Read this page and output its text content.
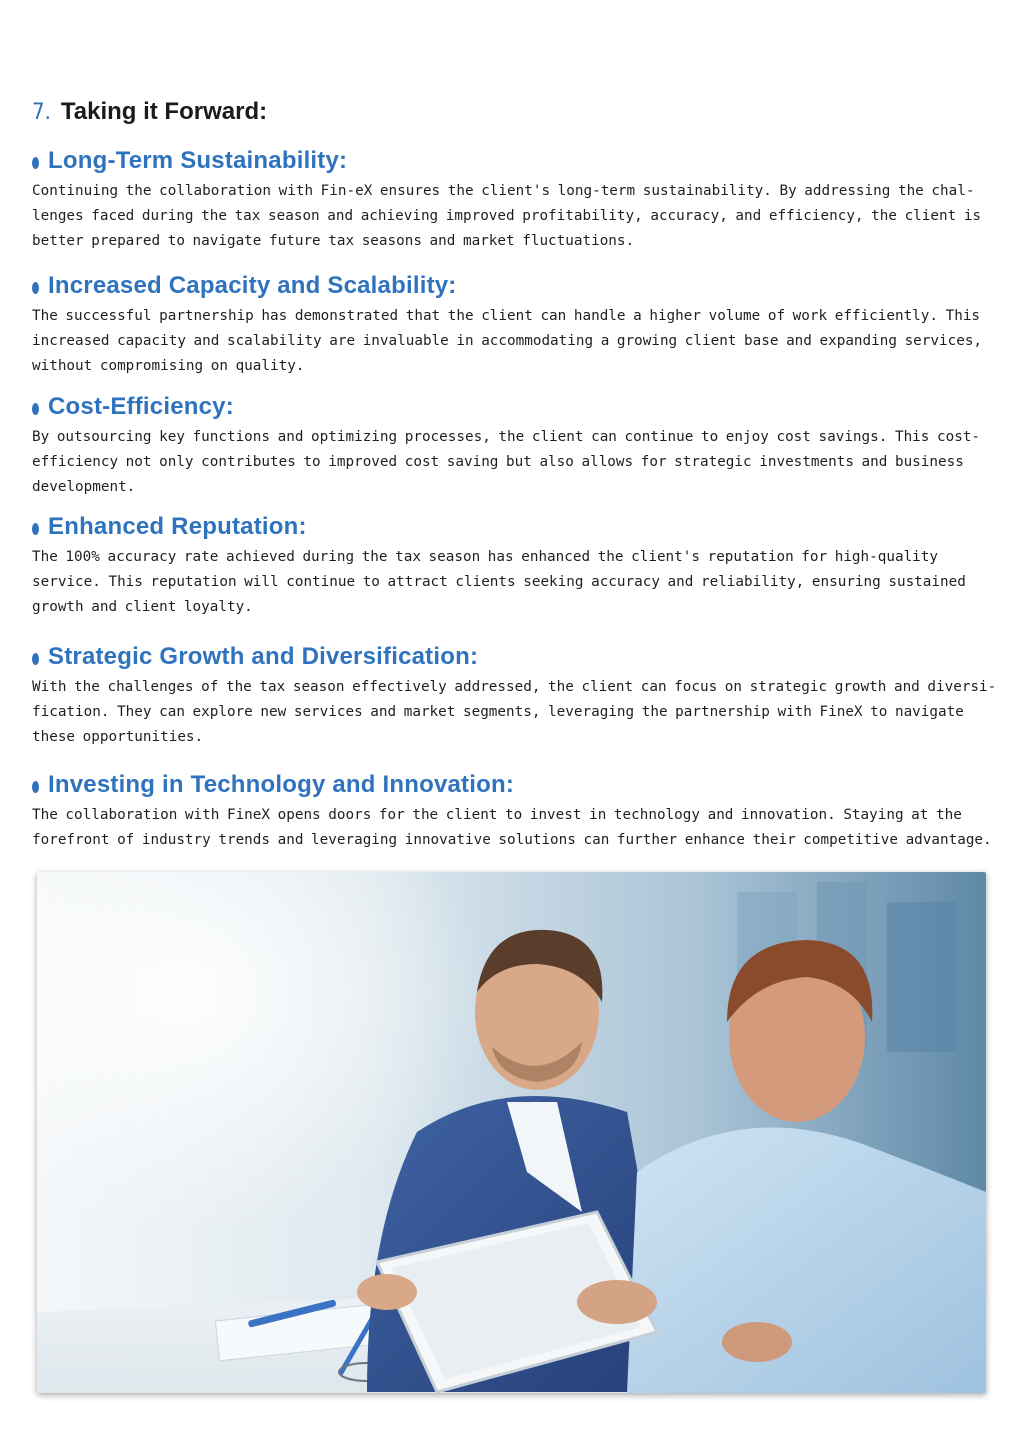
7. Taking it Forward:
Long-Term Sustainability:
Continuing the collaboration with Fin-eX ensures the client's long-term sustainability. By addressing the chal-lenges faced during the tax season and achieving improved profitability, accuracy, and efficiency, the client is better prepared to navigate future tax seasons and market fluctuations.
Increased Capacity and Scalability:
The successful partnership has demonstrated that the client can handle a higher volume of work efficiently. This increased capacity and scalability are invaluable in accommodating a growing client base and expanding services, without compromising on quality.
Cost-Efficiency:
By outsourcing key functions and optimizing processes, the client can continue to enjoy cost savings. This cost-efficiency not only contributes to improved cost saving but also allows for strategic investments and business development.
Enhanced Reputation:
The 100% accuracy rate achieved during the tax season has enhanced the client's reputation for high-quality service. This reputation will continue to attract clients seeking accuracy and reliability, ensuring sustained growth and client loyalty.
Strategic Growth and Diversification:
With the challenges of the tax season effectively addressed, the client can focus on strategic growth and diversi-fication. They can explore new services and market segments, leveraging the partnership with FineX to navigate these opportunities.
Investing in Technology and Innovation:
The collaboration with FineX opens doors for the client to invest in technology and innovation. Staying at the forefront of industry trends and leveraging innovative solutions can further enhance their competitive advantage.
